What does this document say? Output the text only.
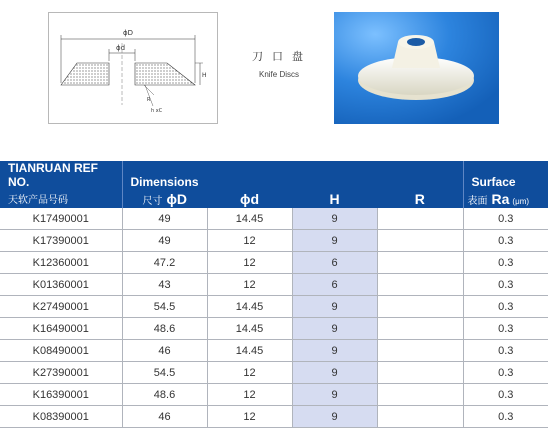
ϕD
ϕd
H
R
h xC
刀 口 盘
Knife Discs
TIANRUAN REF NO.	Dimensions				Surface
天软产品号码	尺寸 ϕD	ϕd	H	R	表面 Ra (μm)
K17490001	49	14.45	9		0.3
K17390001	49	12	9		0.3
K12360001	47.2	12	6		0.3
K01360001	43	12	6		0.3
K27490001	54.5	14.45	9		0.3
K16490001	48.6	14.45	9		0.3
K08490001	46	14.45	9		0.3
K27390001	54.5	12	9		0.3
K16390001	48.6	12	9		0.3
K08390001	46	12	9		0.3
